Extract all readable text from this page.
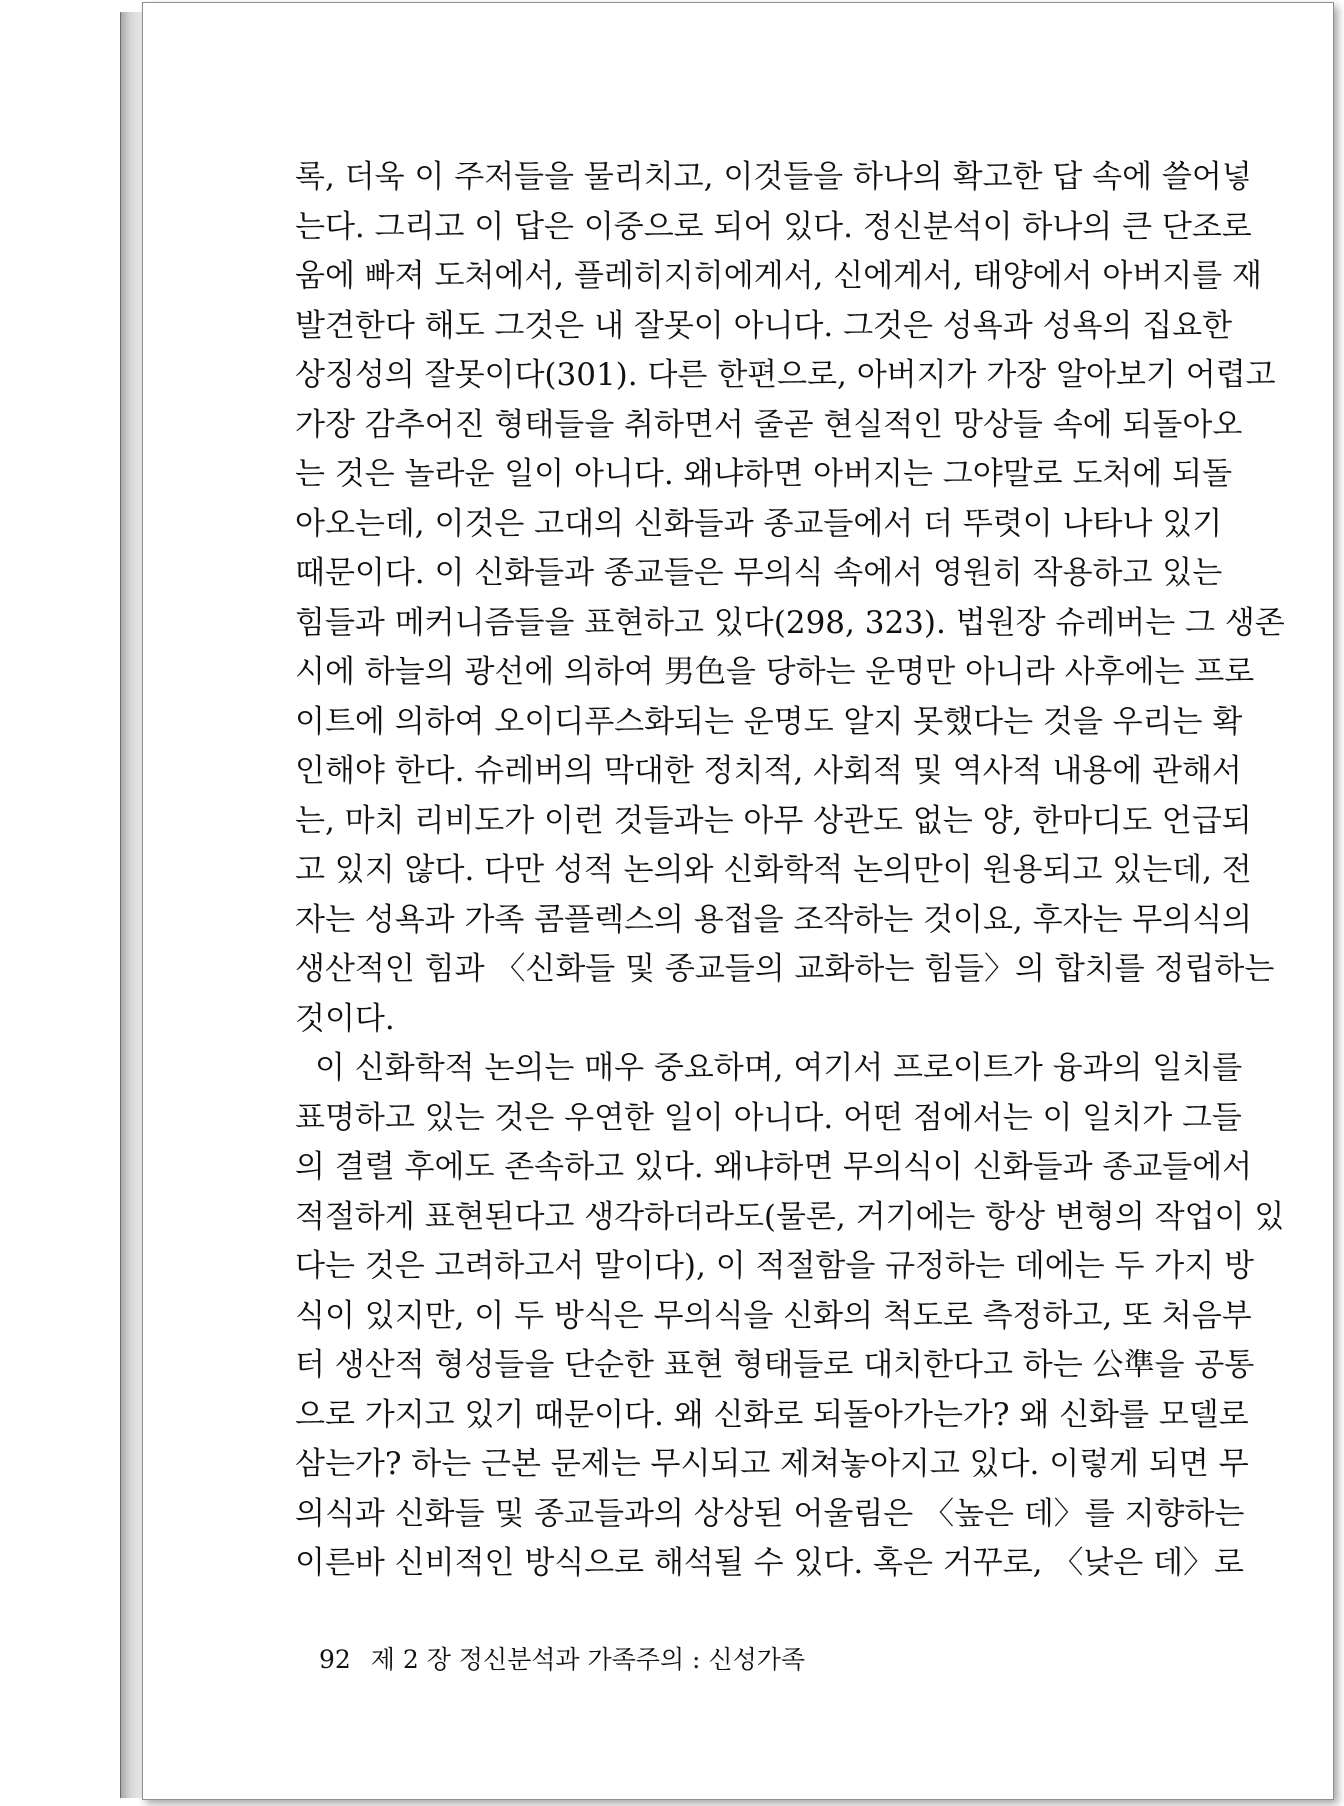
록, 더욱 이 주저들을 물리치고, 이것들을 하나의 확고한 답 속에 쓸어넣
는다. 그리고 이 답은 이중으로 되어 있다. 정신분석이 하나의 큰 단조로
움에 빠져 도처에서, 플레히지히에게서, 신에게서, 태양에서 아버지를 재
발견한다 해도 그것은 내 잘못이 아니다. 그것은 성욕과 성욕의 집요한
상징성의 잘못이다(301). 다른 한편으로, 아버지가 가장 알아보기 어렵고
가장 감추어진 형태들을 취하면서 줄곧 현실적인 망상들 속에 되돌아오
는 것은 놀라운 일이 아니다. 왜냐하면 아버지는 그야말로 도처에 되돌
아오는데, 이것은 고대의 신화들과 종교들에서 더 뚜렷이 나타나 있기
때문이다. 이 신화들과 종교들은 무의식 속에서 영원히 작용하고 있는
힘들과 메커니즘들을 표현하고 있다(298, 323). 법원장 슈레버는 그 생존
시에 하늘의 광선에 의하여 男色을 당하는 운명만 아니라 사후에는 프로
이트에 의하여 오이디푸스화되는 운명도 알지 못했다는 것을 우리는 확
인해야 한다. 슈레버의 막대한 정치적, 사회적 및 역사적 내용에 관해서
는, 마치 리비도가 이런 것들과는 아무 상관도 없는 양, 한마디도 언급되
고 있지 않다. 다만 성적 논의와 신화학적 논의만이 원용되고 있는데, 전
자는 성욕과 가족 콤플렉스의 용접을 조작하는 것이요, 후자는 무의식의
생산적인 힘과 〈신화들 및 종교들의 교화하는 힘들〉의 합치를 정립하는
것이다.
이 신화학적 논의는 매우 중요하며, 여기서 프로이트가 융과의 일치를
표명하고 있는 것은 우연한 일이 아니다. 어떤 점에서는 이 일치가 그들
의 결렬 후에도 존속하고 있다. 왜냐하면 무의식이 신화들과 종교들에서
적절하게 표현된다고 생각하더라도(물론, 거기에는 항상 변형의 작업이 있
다는 것은 고려하고서 말이다), 이 적절함을 규정하는 데에는 두 가지 방
식이 있지만, 이 두 방식은 무의식을 신화의 척도로 측정하고, 또 처음부
터 생산적 형성들을 단순한 표현 형태들로 대치한다고 하는 公準을 공통
으로 가지고 있기 때문이다. 왜 신화로 되돌아가는가? 왜 신화를 모델로
삼는가? 하는 근본 문제는 무시되고 제쳐놓아지고 있다. 이렇게 되면 무
의식과 신화들 및 종교들과의 상상된 어울림은 〈높은 데〉를 지향하는
이른바 신비적인 방식으로 해석될 수 있다. 혹은 거꾸로, 〈낮은 데〉로
92 제 2 장 정신분석과 가족주의 : 신성가족
